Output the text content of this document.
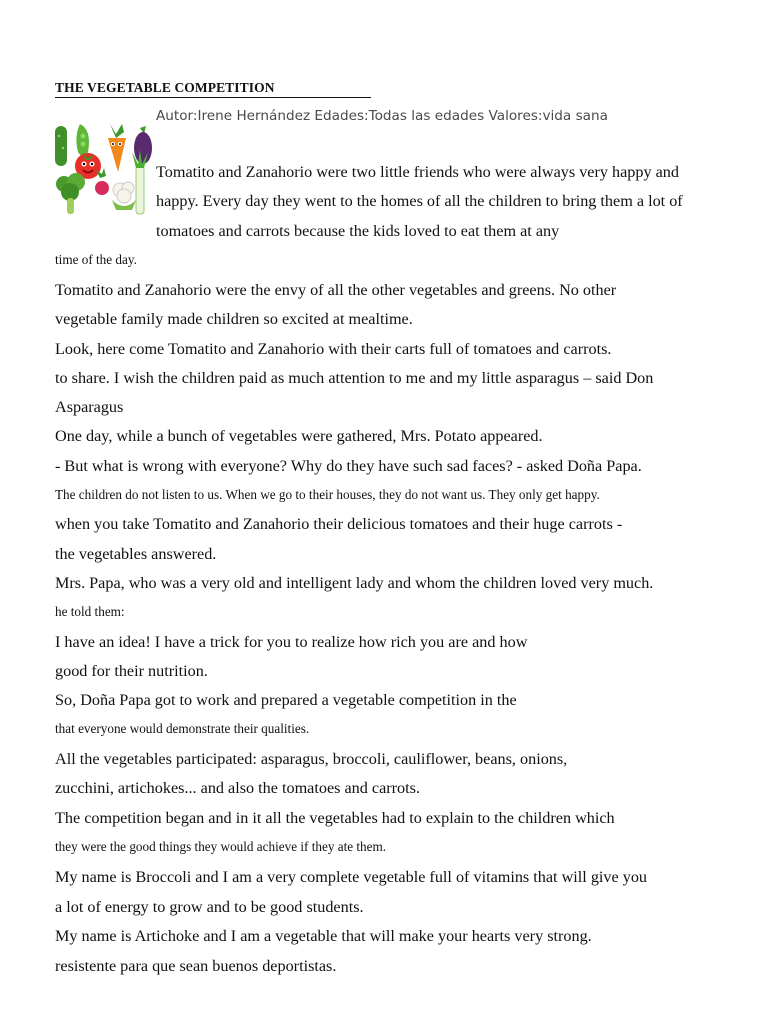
THE VEGETABLE COMPETITION
Autor:Irene Hernández Edades:Todas las edades Valores:vida sana
Tomatito and Zanahorio were two little friends who were always very happy and
happy. Every day they went to the homes of all the children to bring them a lot of
tomatoes and carrots because the kids loved to eat them at any
time of the day.
Tomatito and Zanahorio were the envy of all the other vegetables and greens. No other
vegetable family made children so excited at mealtime.
Look, here come Tomatito and Zanahorio with their carts full of tomatoes and carrots.
to share. I wish the children paid as much attention to me and my little asparagus – said Don
Asparagus
One day, while a bunch of vegetables were gathered, Mrs. Potato appeared.
- But what is wrong with everyone? Why do they have such sad faces? - asked Doña Papa.
The children do not listen to us. When we go to their houses, they do not want us. They only get happy.
when you take Tomatito and Zanahorio their delicious tomatoes and their huge carrots -
the vegetables answered.
Mrs. Papa, who was a very old and intelligent lady and whom the children loved very much.
he told them:
I have an idea! I have a trick for you to realize how rich you are and how
good for their nutrition.
So, Doña Papa got to work and prepared a vegetable competition in the
that everyone would demonstrate their qualities.
All the vegetables participated: asparagus, broccoli, cauliflower, beans, onions,
zucchini, artichokes... and also the tomatoes and carrots.
The competition began and in it all the vegetables had to explain to the children which
they were the good things they would achieve if they ate them.
My name is Broccoli and I am a very complete vegetable full of vitamins that will give you
a lot of energy to grow and to be good students.
My name is Artichoke and I am a vegetable that will make your hearts very strong.
resistente para que sean buenos deportistas.
